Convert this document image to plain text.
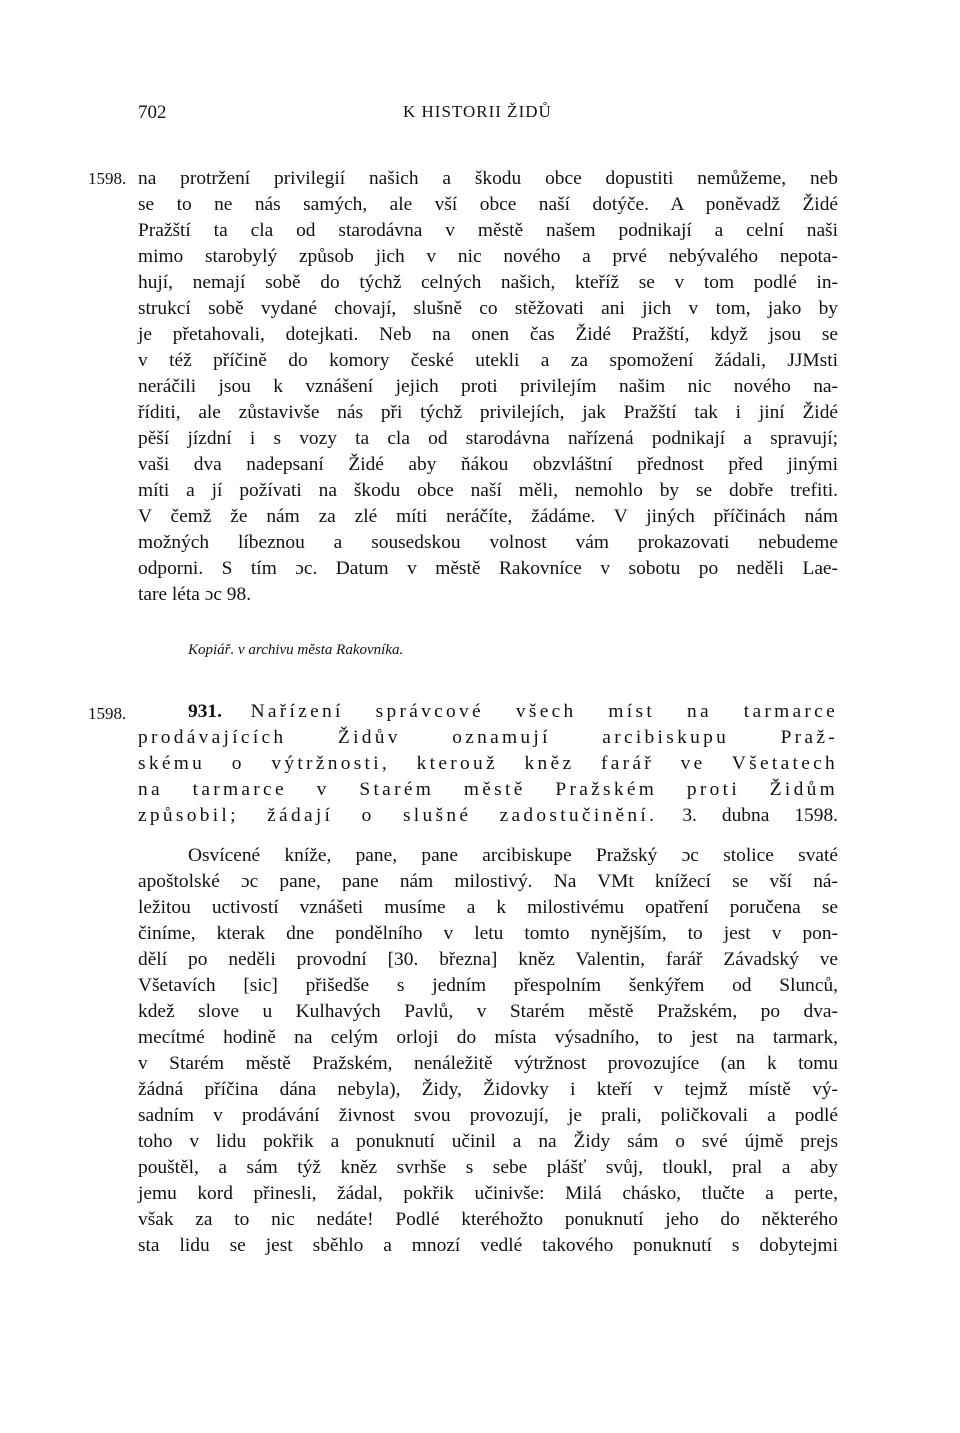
702	K HISTORII ŽIDŮ
1598. na protržení privilegií našich a škodu obce dopustiti nemůžeme, neb
se to ne nás samých, ale vší obce naší dotýče. A poněvadž Židé
Pražští ta cla od starodávna v městě našem podnikají a celní naši
mimo starobylý způsob jich v nic nového a prvé nebývalého nepota-
hují, nemají sobě do týchž celných našich, kteříž se v tom podlé in-
strukcí sobě vydané chovají, slušně co stěžovati ani jich v tom, jako by
je přetahovali, dotejkati. Neb na onen čas Židé Pražští, když jsou se
v též příčině do komory české utekli a za spomožení žádali, JJMsti
neráčili jsou k vznášení jejich proti privilejím našim nic nového na-
říditi, ale zůstavivše nás při týchž privilejích, jak Pražští tak i jiní Židé
pěší jízdní i s vozy ta cla od starodávna nařízená podnikají a spravují;
vaši dva nadepsaní Židé aby ňákou obzvláštní přednost před jinými
míti a jí požívati na škodu obce naší měli, nemohlo by se dobře trefiti.
V čemž že nám za zlé míti neráčíte, žádáme. V jiných příčinách nám
možných líbeznou a sousedskou volnost vám prokazovati nebudeme
odporni. S tím ɔc. Datum v městě Rakovníce v sobotu po neděli Lae-
tare léta ɔc 98.
Kopiář. v archivu města Rakovníka.
1598.	931. Nařízení správcové všech míst na tarmarce
prodávajících Židův oznamují arcibiskupu Praž-
skému o výtržnosti, kterouž kněz farář ve Všetatech
na tarmarce v Starém městě Pražském proti Židům
způsobil; žádají o slušné zadostučinění. 3. dubna 1598.
Osvícené kníže, pane, pane arcibiskupe Pražský ɔc stolice svaté
apoštolské ɔc pane, pane nám milostivý. Na VMt knížecí se vší ná-
ležitou uctivostí vznášeti musíme a k milostivému opatření poručena se
činíme, kterak dne pondělního v letu tomto nynějším, to jest v pon-
dělí po neděli provodní [30. března] kněz Valentin, farář Závadský ve
Všetavích [sic] přišedše s jedním přespolním šenkýřem od Slunců,
kdež slove u Kulhavých Pavlů, v Starém městě Pražském, po dva-
mecítmé hodině na celým orloji do místa výsadního, to jest na tarmark,
v Starém městě Pražském, nenáležitě výtržnost provozujíce (an k tomu
žádná příčina dána nebyla), Židy, Židovky i kteří v tejmž místě vý-
sadním v prodávání živnost svou provozují, je prali, poličkovali a podlé
toho v lidu pokřik a ponuknutí učinil a na Židy sám o své újmě prejs
pouštěl, a sám týž kněz svrhše s sebe plášť svůj, tloukl, pral a aby
jemu kord přinesli, žádal, pokřik učinivše: Milá chásko, tlučte a perte,
však za to nic nedáte! Podlé kteréhožto ponuknutí jeho do některého
sta lidu se jest sběhlo a mnozí vedlé takového ponuknutí s dobytejmi
